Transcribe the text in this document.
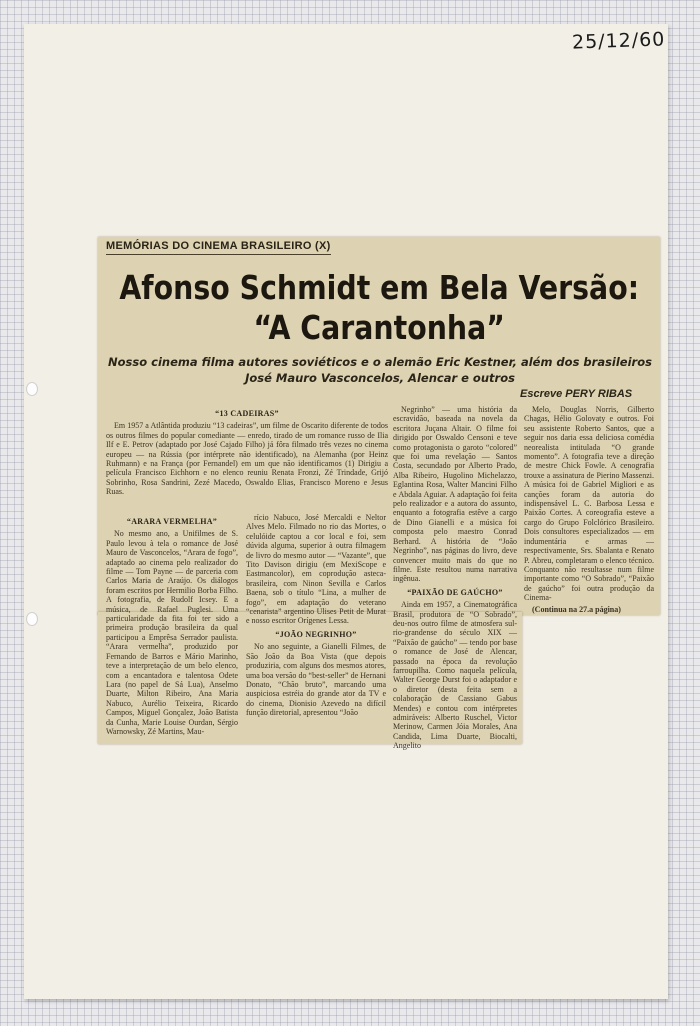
25/12/60
MEMÓRIAS DO CINEMA BRASILEIRO (X)
Afonso Schmidt em Bela Versão:
“A Carantonha”
Nosso cinema filma autores soviéticos e o alemão Eric Kestner, além dos brasileiros José Mauro Vasconcelos, Alencar e outros
Escreve PERY RIBAS
“13 CADEIRAS”

Em 1957 a Atlântida produziu “13 cadeiras”, um filme de Oscarito diferente de todos os outros filmes do popular comediante — enredo, tirado de um romance russo de Ilia Ilf e E. Petrov (adaptado por José Cajado Filho) já fôra filmado três vezes no cinema europeu — na Rússia (por intérprete não identificado), na Alemanha (por Heinz Ruhmann) e na França (por Fernandel) em um que não identificamos (1) Dirigiu a película Francisco Eichhorn e no elenco reuniu Renata Fronzi, Zé Trindade, Grijó Sobrinho, Rosa Sandrini, Zezé Macedo, Oswaldo Elias, Francisco Moreno e Jesus Ruas.

“ARARA VERMELHA”

No mesmo ano, a Unifilmes de S. Paulo levou à tela o romance de José Mauro de Vasconcelos, “Arara de fogo”, adaptado ao cinema pelo realizador do filme — Tom Payne — de parceria com Carlos Maria de Araújo. Os diálogos foram escritos por Hermilio Borba Filho. A fotografia, de Rudolf Icsey. E a música, de Rafael Puglesi. Uma particularidade da fita foi ter sido a primeira produção brasileira da qual participou a Emprêsa Serrador paulista. “Arara vermelha”, produzido por Fernando de Barros e Mário Marinho, teve a interpretação de um belo elenco, com a encantadora e talentosa Odete Lara (no papel de Sá Lua), Anselmo Duarte, Milton Ribeiro, Ana Maria Nabuco, Aurélio Teixeira, Ricardo Campos, Miguel Gonçalez, João Batista da Cunha, Marie Louise Ourdan, Sérgio Warnowsky, Zé Martins, Mau-

rício Nabuco, José Mercaldi e Neltor Alves Melo. Filmado no rio das Mortes, o celulóide captou a cor local e foi, sem dúvida alguma, superior à outra filmagem de livro do mesmo autor — “Vazante”, que Tito Davison dirigiu (em MexiScope e Eastmancolor), em coprodução asteca-brasileira, com Ninon Sevilla e Carlos Baena, sob o título “Lina, a mulher de fogo”, em adaptação do veterano “cenarista” argentino Ulises Petit de Murat e nosso escritor Orígenes Lessa.

“JOÃO NEGRINHO”

No ano seguinte, a Gianelli Filmes, de São João da Boa Vista (que depois produziria, com alguns dos mesmos atores, uma boa versão do “best-seller” de Hernani Donato, “Chão bruto”, marcando uma auspiciosa estréia do grande ator da TV e do cinema, Dionisio Azevedo na difícil função diretorial, apresentou “João

Negrinho” — uma história da escravidão, baseada na novela da escritora Juçana Altair. O filme foi dirigido por Oswaldo Censoni e teve como protagonista o garoto “colored” que foi uma revelação — Santos Costa, secundado por Alberto Prado, Alba Ribeiro, Hugolino Michelazzo, Eglantina Rosa, Walter Mancini Filho e Abdala Aguiar. A adaptação foi feita pelo realizador e a autora do assunto, enquanto a fotografia estêve a cargo de Dino Gianelli e a música foi composta pelo maestro Conrad Berhard. A história de “João Negrinho”, nas páginas do livro, deve convencer muito mais do que no filme. Este resultou numa narrativa ingênua.

“PAIXÃO DE GAÚCHO”

Ainda em 1957, a Cinematográfica Brasil, produtora de “O Sobrado”, deu-nos outro filme de atmosfera sul-rio-grandense do século XIX — “Paixão de gaúcho” — tendo por base o romance de José de Alencar, passado na época da revolução farroupilha. Como naquela película, Walter George Durst foi o adaptador e o diretor (desta feita sem a colaboração de Cassiano Gabus Mendes) e contou com intérpretes admiráveis: Alberto Ruschel, Victor Merinow, Carmen Jóia Morales, Ana Candida, Lima Duarte, Biocalti, Angelito

Melo, Douglas Norris, Gilberto Chagas, Hélio Golovaty e outros. Foi seu assistente Roberto Santos, que a seguir nos daria essa deliciosa comédia neorealista intitulada “O grande momento”. A fotografia teve a direção de mestre Chick Fowle. A cenografia trouxe a assinatura de Pierino Massenzi. A música foi de Gabriel Migliori e as canções foram da autoria do indispensável L. C. Barbosa Lessa e Paixão Cortes. A coreografia esteve a cargo do Grupo Folclórico Brasileiro. Dois consultores especializados — em indumentária e armas — respectivamente, Srs. Sbalanta e Renato P. Abreu, completaram o elenco técnico. Conquanto não resultasse num filme importante como “O Sobrado”, “Paixão de gaúcho” foi outra produção da Cinema-

(Continua na 27.a página)
